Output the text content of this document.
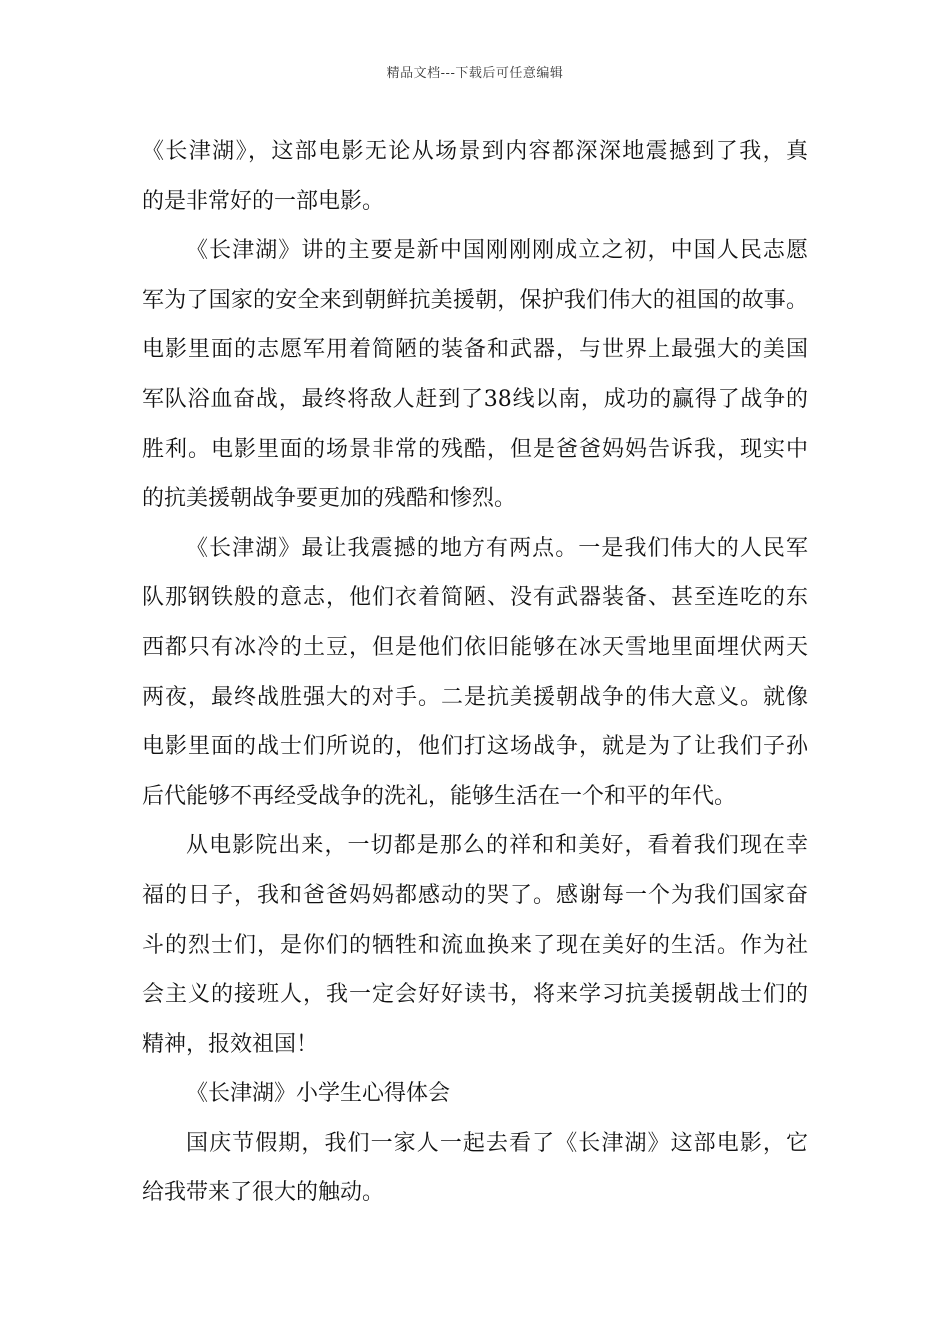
精品文档---下载后可任意编辑
《长津湖》，这部电影无论从场景到内容都深深地震撼到了我，真
的是非常好的一部电影。
《长津湖》讲的主要是新中国刚刚刚成立之初，中国人民志愿
军为了国家的安全来到朝鲜抗美援朝，保护我们伟大的祖国的故事。
电影里面的志愿军用着简陋的装备和武器，与世界上最强大的美国
军队浴血奋战，最终将敌人赶到了38线以南，成功的赢得了战争的
胜利。电影里面的场景非常的残酷，但是爸爸妈妈告诉我，现实中
的抗美援朝战争要更加的残酷和惨烈。
《长津湖》最让我震撼的地方有两点。一是我们伟大的人民军
队那钢铁般的意志，他们衣着简陋、没有武器装备、甚至连吃的东
西都只有冰冷的土豆，但是他们依旧能够在冰天雪地里面埋伏两天
两夜，最终战胜强大的对手。二是抗美援朝战争的伟大意义。就像
电影里面的战士们所说的，他们打这场战争，就是为了让我们子孙
后代能够不再经受战争的洗礼，能够生活在一个和平的年代。
从电影院出来，一切都是那么的祥和和美好，看着我们现在幸
福的日子，我和爸爸妈妈都感动的哭了。感谢每一个为我们国家奋
斗的烈士们，是你们的牺牲和流血换来了现在美好的生活。作为社
会主义的接班人，我一定会好好读书，将来学习抗美援朝战士们的
精神，报效祖国！
《长津湖》小学生心得体会
国庆节假期，我们一家人一起去看了《长津湖》这部电影，它
给我带来了很大的触动。
